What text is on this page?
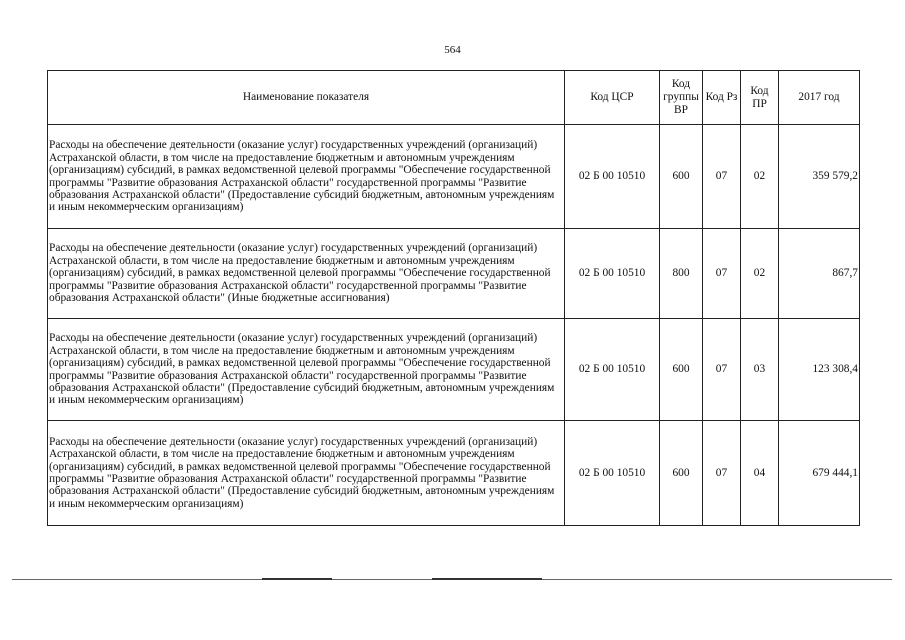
564
Наименование показателя	Код ЦСР	Код группы ВР	Код Рз	Код ПР	2017 год
Расходы на обеспечение деятельности (оказание услуг) государственных учреждений (организаций) Астраханской области, в том числе на предоставление бюджетным и автономным учреждениям (организациям) субсидий, в рамках ведомственной целевой программы "Обеспечение государственной программы "Развитие образования Астраханской области" государственной программы "Развитие образования Астраханской области" (Предоставление субсидий бюджетным, автономным учреждениям и иным некоммерческим организациям)	02 Б 00 10510	600	07	02	359 579,2
Расходы на обеспечение деятельности (оказание услуг) государственных учреждений (организаций) Астраханской области, в том числе на предоставление бюджетным и автономным учреждениям (организациям) субсидий, в рамках ведомственной целевой программы "Обеспечение государственной программы "Развитие образования Астраханской области" государственной программы "Развитие образования Астраханской области" (Иные бюджетные ассигнования)	02 Б 00 10510	800	07	02	867,7
Расходы на обеспечение деятельности (оказание услуг) государственных учреждений (организаций) Астраханской области, в том числе на предоставление бюджетным и автономным учреждениям (организациям) субсидий, в рамках ведомственной целевой программы "Обеспечение государственной программы "Развитие образования Астраханской области" государственной программы "Развитие образования Астраханской области" (Предоставление субсидий бюджетным, автономным учреждениям и иным некоммерческим организациям)	02 Б 00 10510	600	07	03	123 308,4
Расходы на обеспечение деятельности (оказание услуг) государственных учреждений (организаций) Астраханской области, в том числе на предоставление бюджетным и автономным учреждениям (организациям) субсидий, в рамках ведомственной целевой программы "Обеспечение государственной программы "Развитие образования Астраханской области" государственной программы "Развитие образования Астраханской области" (Предоставление субсидий бюджетным, автономным учреждениям и иным некоммерческим организациям)	02 Б 00 10510	600	07	04	679 444,1
